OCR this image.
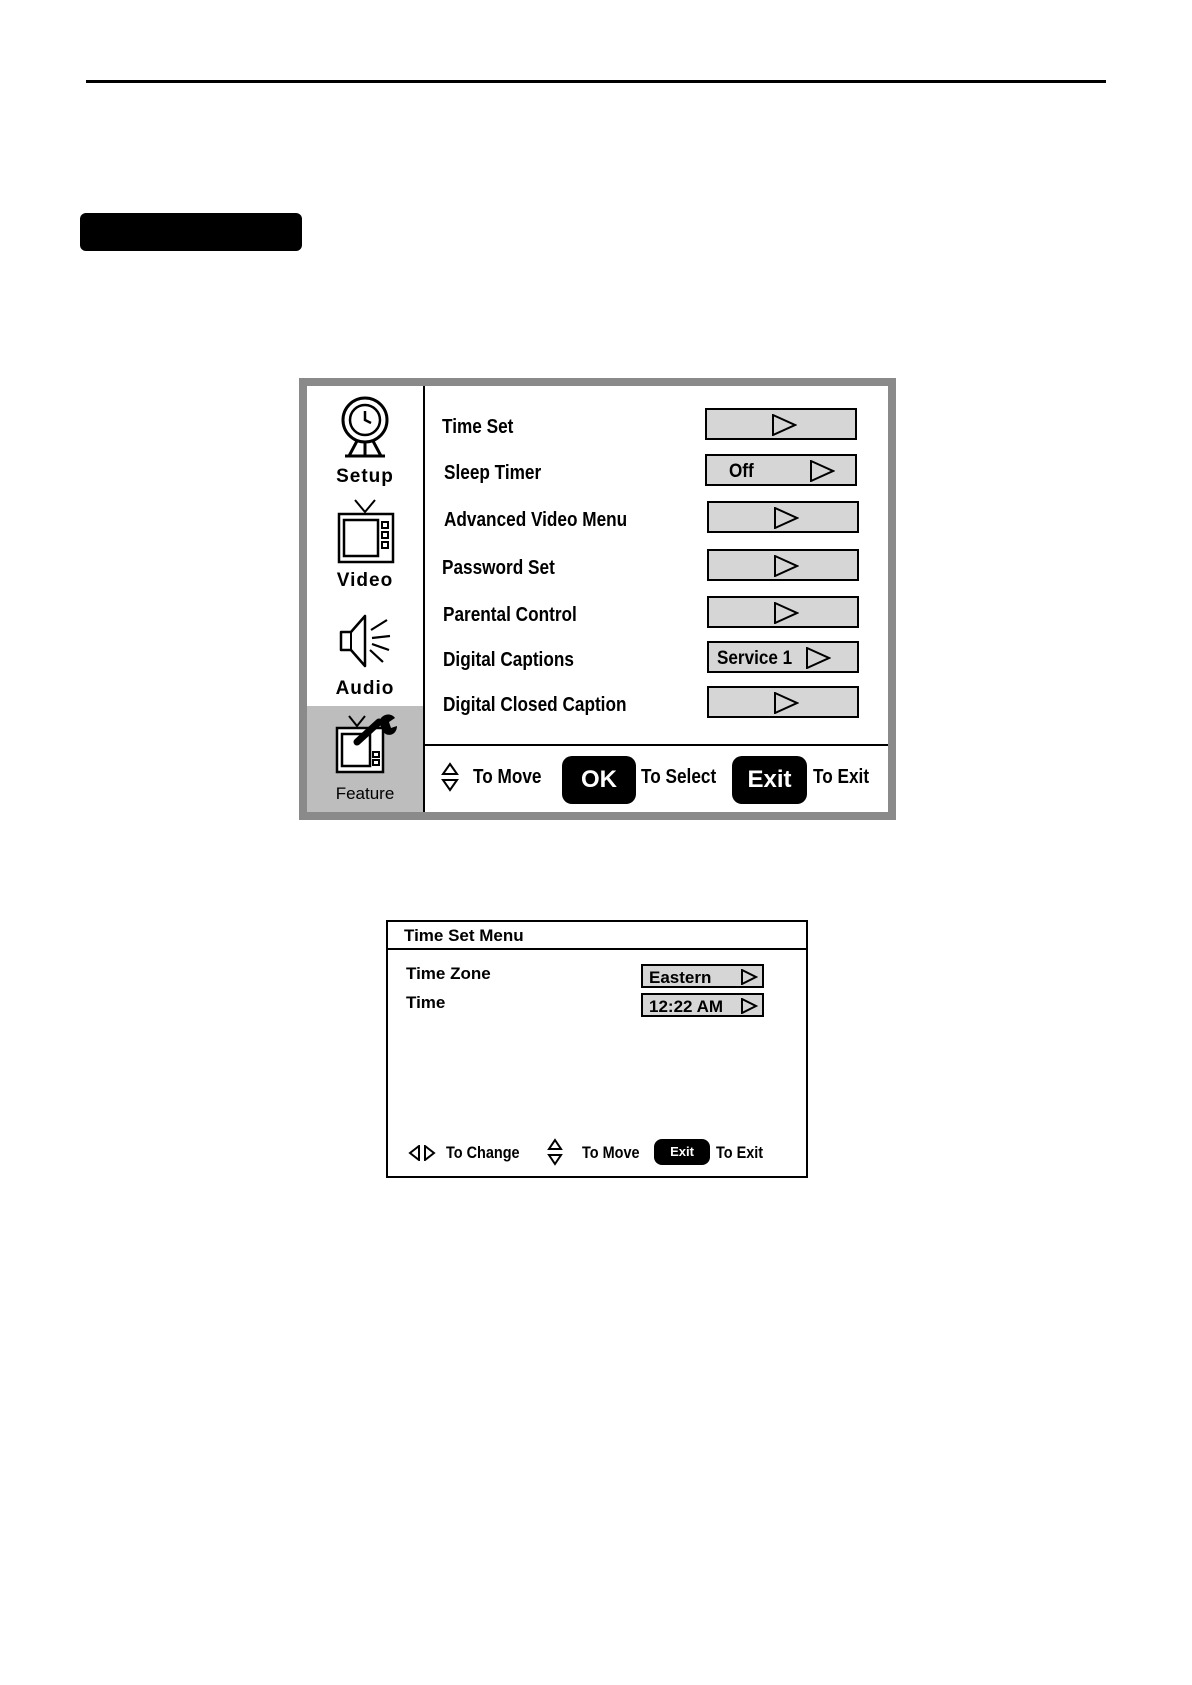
Setup
Video
Audio
Feature
Time Set
Sleep Timer	Off
Advanced Video Menu
Password Set
Parental Control
Digital Captions	Service 1
Digital Closed Caption
To Move	OK	To Select	Exit	To Exit
Time Set Menu
Time Zone	Eastern
Time	12:22 AM
To Change	To Move	Exit	To Exit
